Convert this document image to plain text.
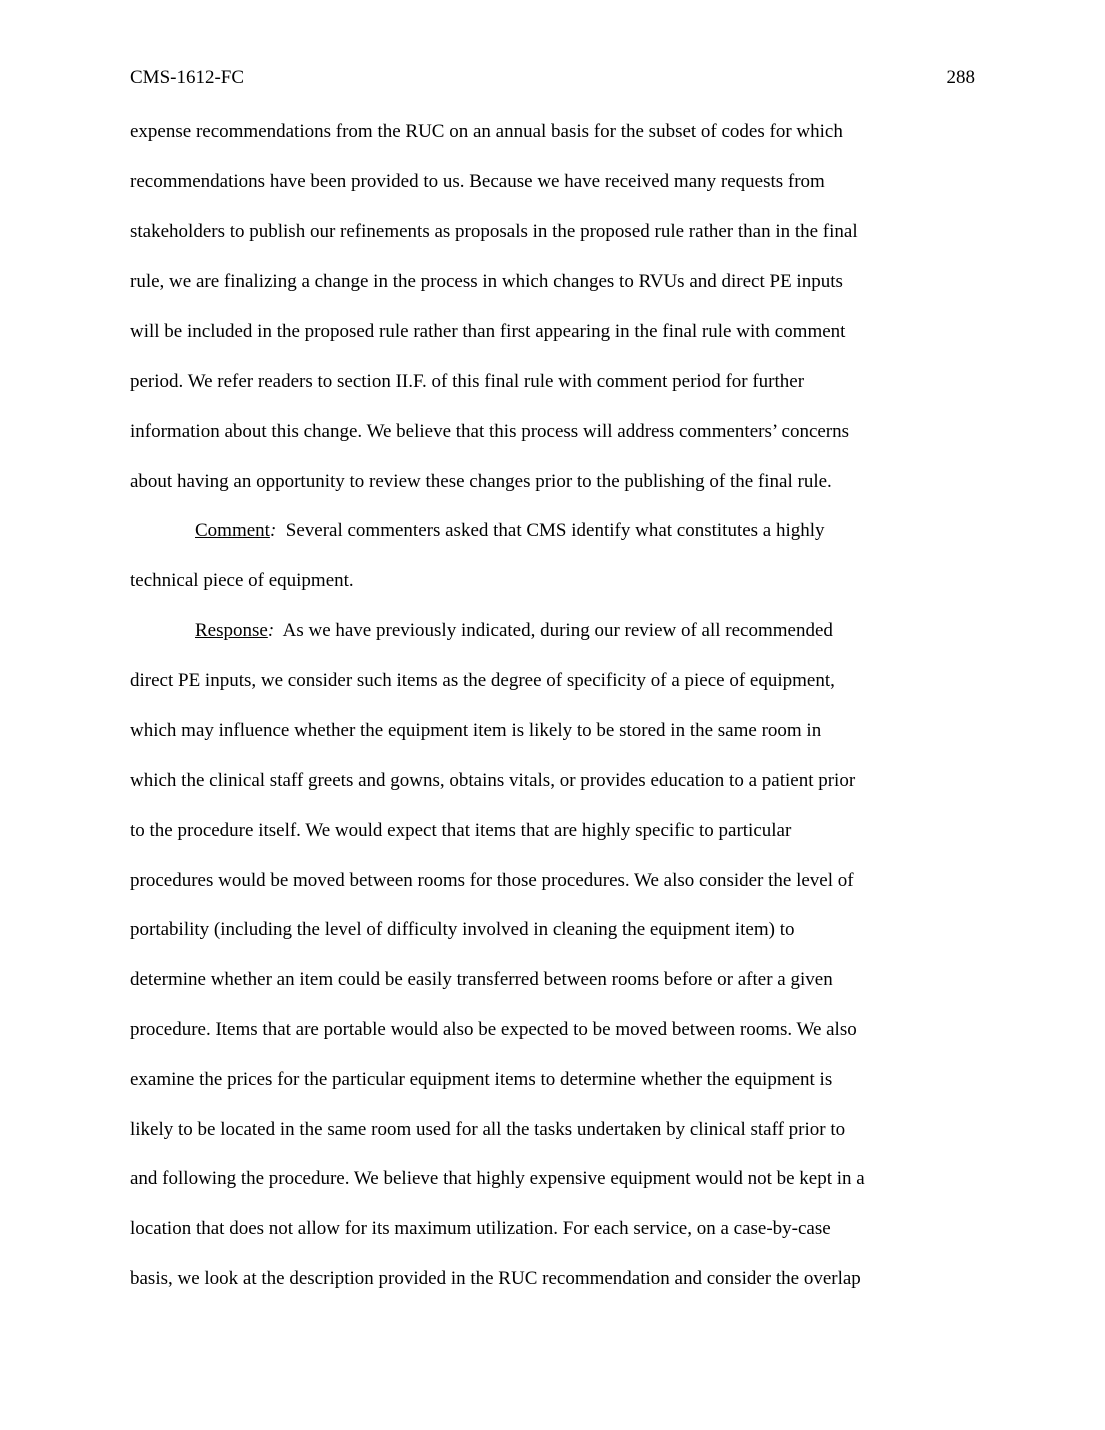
CMS-1612-FC	288
expense recommendations from the RUC on an annual basis for the subset of codes for which
recommendations have been provided to us. Because we have received many requests from
stakeholders to publish our refinements as proposals in the proposed rule rather than in the final
rule, we are finalizing a change in the process in which changes to RVUs and direct PE inputs
will be included in the proposed rule rather than first appearing in the final rule with comment
period. We refer readers to section II.F. of this final rule with comment period for further
information about this change. We believe that this process will address commenters’ concerns
about having an opportunity to review these changes prior to the publishing of the final rule.
Comment:  Several commenters asked that CMS identify what constitutes a highly
technical piece of equipment.
Response:  As we have previously indicated, during our review of all recommended
direct PE inputs, we consider such items as the degree of specificity of a piece of equipment,
which may influence whether the equipment item is likely to be stored in the same room in
which the clinical staff greets and gowns, obtains vitals, or provides education to a patient prior
to the procedure itself. We would expect that items that are highly specific to particular
procedures would be moved between rooms for those procedures. We also consider the level of
portability (including the level of difficulty involved in cleaning the equipment item) to
determine whether an item could be easily transferred between rooms before or after a given
procedure. Items that are portable would also be expected to be moved between rooms. We also
examine the prices for the particular equipment items to determine whether the equipment is
likely to be located in the same room used for all the tasks undertaken by clinical staff prior to
and following the procedure. We believe that highly expensive equipment would not be kept in a
location that does not allow for its maximum utilization. For each service, on a case-by-case
basis, we look at the description provided in the RUC recommendation and consider the overlap
